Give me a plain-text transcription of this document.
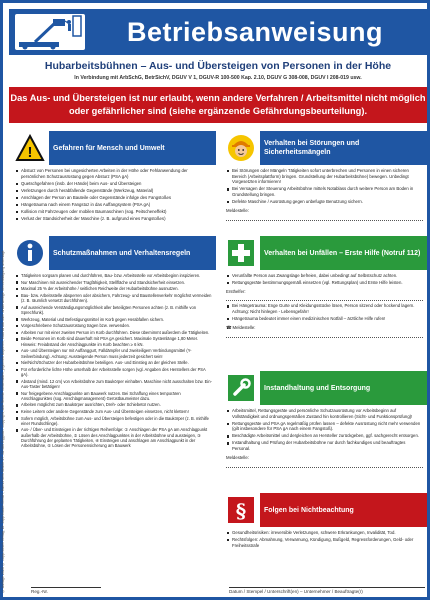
Betriebsanweisung
Hubarbeitsbühnen – Aus- und Übersteigen von Personen in der Höhe
In Verbindung mit ArbSchG, BetrSichV, DGUV V 1, DGUV-R 100-500 Kap. 2.10, DGUV G 308-008, DGUV I 208-019 usw.
Das Aus- und Übersteigen ist nur erlaubt, wenn andere Verfahren / Arbeitsmittel nicht möglich oder gefährlicher sind (siehe ergänzende Gefährdungsbeurteilung).
© Auflage 2020 © Jupp-Vosch Verlag, Dr. Jupp Busch GmbH, Hans-Hohs Straße 27, 82 666 Eggolsh. Copyright, Alle Rechte vorbehalten, jegliches Kopieren, Nachdruck oder anderweitige Vervielfältigung untersagt.
!	Gefahren für Mensch und Umwelt
Absturz von Personen bei ungesicherten Arbeiten in der Höhe oder Fehlanwendung der persönlichen Schutzausrüstung gegen Absturz (PSA gA)
Quetschgefahren (insb. der Hände) beim Aus- und Übersteigen
Verletzungen durch herabfallende Gegenstände (Werkzeug, Material)
Anschlagen der Person an Bauteile oder Gegenstände infolge des Fangstoßes
Hängetrauma nach einem Fangstoz in das Auffangsystem (PSA gA)
Kollision mit Fahrzeugen oder mobilen Baumaschinen (sog. Peitscheneffekt)
Verlust der Standsicherheit der Maschine (z. B. aufgrund eines Fangstoßes)
Schutzmaßnahmen und Verhaltensregeln
Tätigkeiten sorgsam planen und durchführen, Bau- bzw. Arbeitsstelle vor Arbeitsbeginn inspizieren.
Nur Maschinen mit ausreichender Tragfähigkeit, Stellfläche und Standsicherheit einsetzen.
Maximal 25 % der Arbeitshöhe / seitlichen Reichweite der Hubarbeitsbühne ausnutzen.
Bau- bzw. Arbeitsstelle absperren oder absichern, Fahrzeug- und Baustellenverkehr möglichst vermeiden (z. B. räumlich versetzt durchführen).
Auf ausreichende Verständigungsmöglichkeit aller beteiligten Personen achten (z. B. mithilfe von Sprechfunk).
Werkzeug, Material und Befestigungsmittel im Korb gegen Herabfallen sichern.
Vorgeschriebene Schutzausrüstung tragen bzw. verwenden.
Arbeiten nur mit einer zweiten Person im Korb durchführen. Diese übernimmt außerdem die Tätigkeiten.
Beide Personen im Korb sind dauerhaft mit PSA gA gesichert. Maximale Systemlänge 1,80 Meter. Hinweis: Freiabstand der Anschlagpunkte im Korb beachten ≥ 6 kN.
Aus- und Übersteigen nur mit Auffanggurt, Falldämpfer und zweiteiligem Verbindungsmittel (Y-Seilverbindung). Achtung: Aussteigende Person muss jederzeit gesichert sein!
Nie/Nicht/Schutzer der Hubarbeitsbühne beteiligen. Aus- und Einstieg an der gleichen Stelle.
Für erforderliche lichte Höhe unterhalb der Arbeitsstelle sorgen (vgl. Angaben des Herstellers der PSA gA).
Abstand (mind. 12 cm) von Arbeitsbühne zum Baukörper einhalten. Maschine nicht ausschalten bzw. Ein-Aus-Taster betätigen!
Nur freigegebene Anschlagpunkte am Bauwerk nutzen. Bei Schaffung eines temporären Anschlagpunktes (sog. Anschlagmanagement) Gerüstbaumeister dazu.
Arbeiten möglichst zum Baukörper ausrichten, Dreh- oder Schiebetür nutzen.
Keine Leitern oder andere Gegenstände zum Aus- und Übersteigen einsetzen, nicht klettern!
Sofern möglich, Arbeitsbühne zum Aus- und Übersteigen befestigen oder in die Baukörper (z. B. mithilfe einer Rundschlinge).
Aus- / Über- und Einsteigen in der richtigen Reihenfolge: ① Anschlagen der PSA gA am Anschlagpunkt außerhalb der Arbeitsbühne, ② Lösen des Anschlagpunktes in der Arbeitsbühne und aussteigen, ③ Durchführung der geplanten Tätigkeiten, ④ Einsteigen und anschlagen am Anschlagpunkt in der Arbeitsbühne, ⑤ Lösen der Personensicherung am Bauwerk
Verhalten bei Störungen und Sicherheitsmängeln
Bei Störungen oder Mängeln Tätigkeiten sofort unterbrechen und Personen in einen sicheren Bereich (Arbeitsplattform) bringen. Grundstellung der Hubarbeitsbühne) bewegen. Unbedingt Vorgesetzten informieren!
Bei Versagen der Steuerung Arbeitsbühne mittels Notablass durch weitere Person am Boden in Grundstellung bringen.
Defekte Maschine / Ausrüstung gegen unbefugte Benutzung sichern.
Meldestelle:
Verhalten bei Unfällen – Erste Hilfe (Notruf 112)
Verunfallte Person aus Zwangslage befreien, dabei unbedingt auf Selbstschutz achten.
Rettungsgeräte bestimmungsgemäß einsetzen (vgl. Rettungsplan) und Erste Hilfe leisten.
Ersthelfer:
Bei Hängetrauma: Enge Gurte und Kleidungsstücke lösen, Person sitzend oder hockend lagern. Achtung: Nicht hinlegen - Lebensgefahr!
Hängetrauma bedeutet immer einen medizinischen Notfall – ärztliche Hilfe rufen!
☎ Meldestelle:
Instandhaltung und Entsorgung
Arbeitsmittel, Rettungsgeräte und persönliche Schutzausrüstung vor Arbeitsbeginn auf Vollständigkeit und ordnungsgemäßen Zustand hin kontrollieren (Sicht- und Funktionsprüfung)!
Rettungsgeräte und PSA gA regelmäßig prüfen lassen – defekte Ausrüstung nicht mehr verwenden (gilt insbesondere für PSA gA nach einem Fangstoß).
Beschädigte Arbeitsmittel und dergleichen an Hersteller zurückgeben, ggf. sachgerecht entsorgen.
Instandhaltung und Prüfung der Hubarbeitsbühne nur durch fachkundiges und beauftragtes Personal.
Meldestelle:
§	Folgen bei Nichtbeachtung
Gesundheitsrisiken: irreversible Verletzungen, schwere Erkrankungen, Invalidität, Tod.
Rechtsfolgen: Abmahnung, Verwarnung, Kündigung, Bußgeld, Regressforderungen, Geld- oder Freiheitsstrafe
Reg.-Nr.	Datum / Stempel / Unterschrift(en) – Unternehmer / Beauftragte(r)
